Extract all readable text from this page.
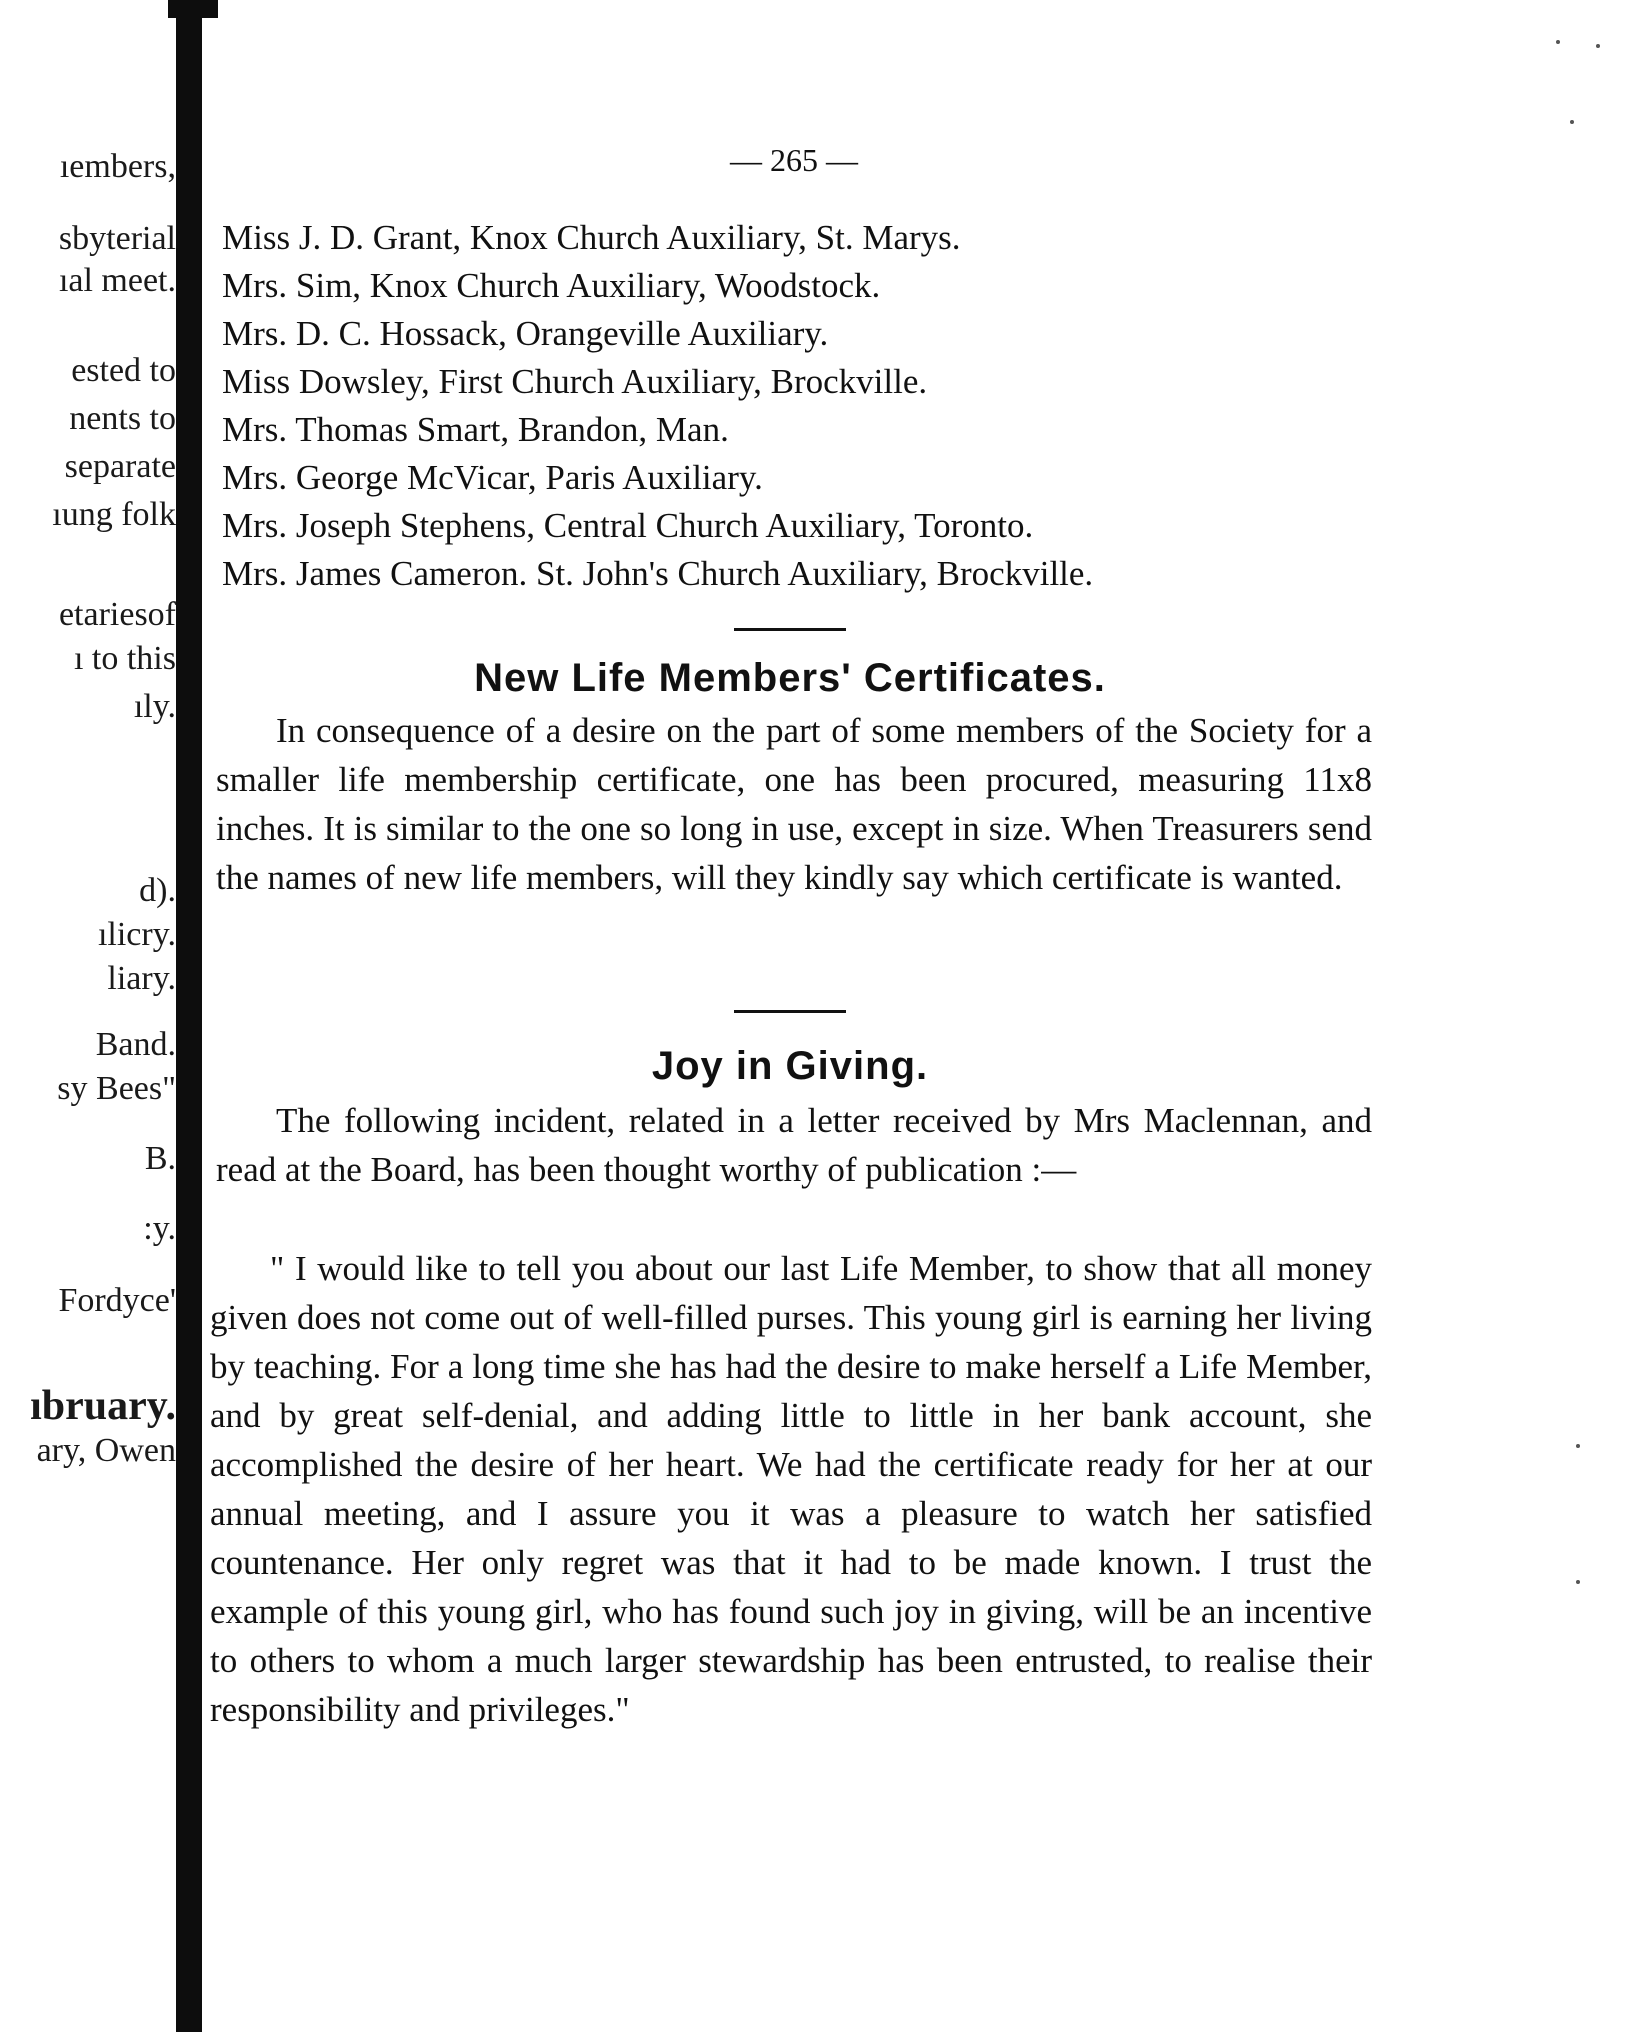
ıembers,
sbyterial
ıal meet.
ested to
nents to
separate
ıung folk
etariesof
ı to this
ıly.
d).
ılicry.
liary.
Band.
sy Bees"
B.
:y.
Fordyce'
ıbruary.
ary, Owen
— 265 —

Miss J. D. Grant, Knox Church Auxiliary, St. Marys.

Mrs. Sim, Knox Church Auxiliary, Woodstock.

Mrs. D. C. Hossack, Orangeville Auxiliary.

Miss Dowsley, First Church Auxiliary, Brockville.

Mrs. Thomas Smart, Brandon, Man.

Mrs. George McVicar, Paris Auxiliary.

Mrs. Joseph Stephens, Central Church Auxiliary, Toronto.

Mrs. James Cameron. St. John's Church Auxiliary, Brockville.

New Life Members' Certificates.

In consequence of a desire on the part of some members of the Society for a smaller life membership certificate, one has been procured, measuring 11x8 inches. It is similar to the one so long in use, except in size. When Treasurers send the names of new life members, will they kindly say which certificate is wanted.

Joy in Giving.

The following incident, related in a letter received by Mrs Maclennan, and read at the Board, has been thought worthy of publication :—

" I would like to tell you about our last Life Member, to show that all money given does not come out of well-filled purses. This young girl is earning her living by teaching. For a long time she has had the desire to make herself a Life Member, and by great self-denial, and adding little to little in her bank account, she accomplished the desire of her heart. We had the certificate ready for her at our annual meeting, and I assure you it was a pleasure to watch her satisfied countenance. Her only regret was that it had to be made known. I trust the example of this young girl, who has found such joy in giving, will be an incentive to others to whom a much larger stewardship has been entrusted, to realise their responsibility and privileges."
